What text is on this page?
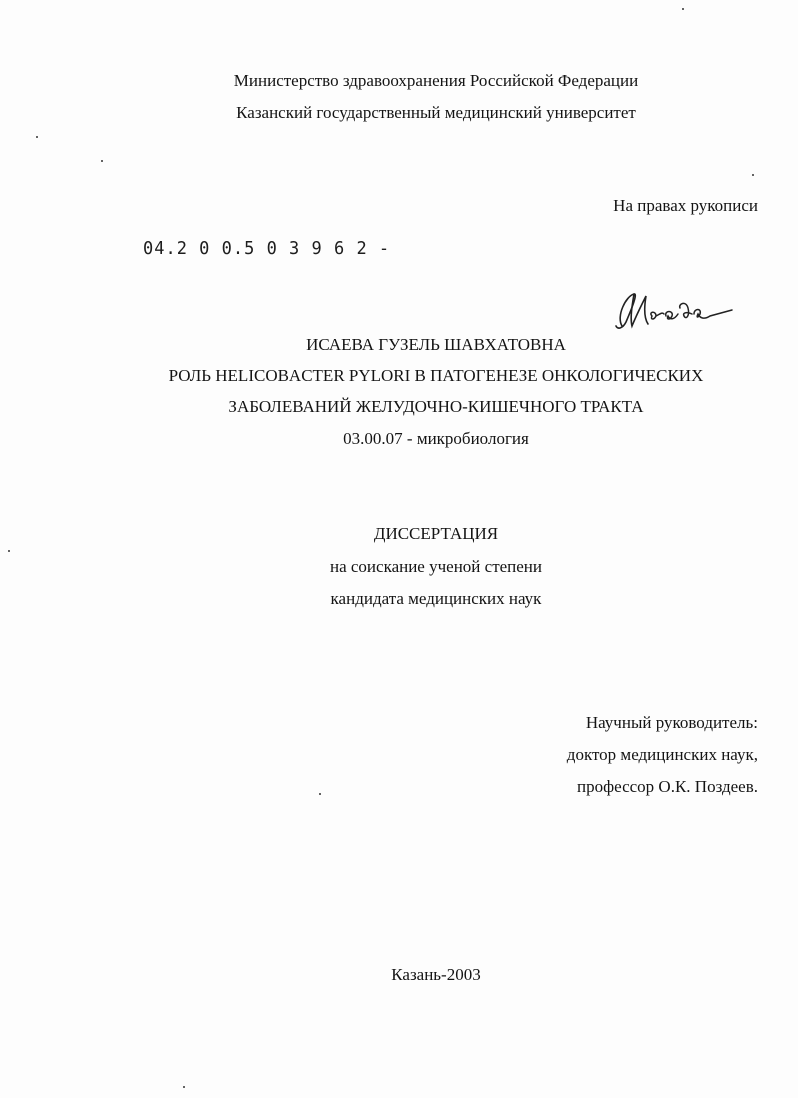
Министерство здравоохранения Российской Федерации
Казанский государственный медицинский университет
На правах рукописи
04.2 0 0.5 0 3 9 6 2 -
ИСАЕВА ГУЗЕЛЬ ШАВХАТОВНА
РОЛЬ HELICOBACTER PYLORI В ПАТОГЕНЕЗЕ ОНКОЛОГИЧЕСКИХ
ЗАБОЛЕВАНИЙ ЖЕЛУДОЧНО-КИШЕЧНОГО ТРАКТА
03.00.07 - микробиология
ДИССЕРТАЦИЯ
на соискание ученой степени
кандидата медицинских наук
Научный руководитель:
доктор медицинских наук,
профессор О.К. Поздеев.
Казань-2003
